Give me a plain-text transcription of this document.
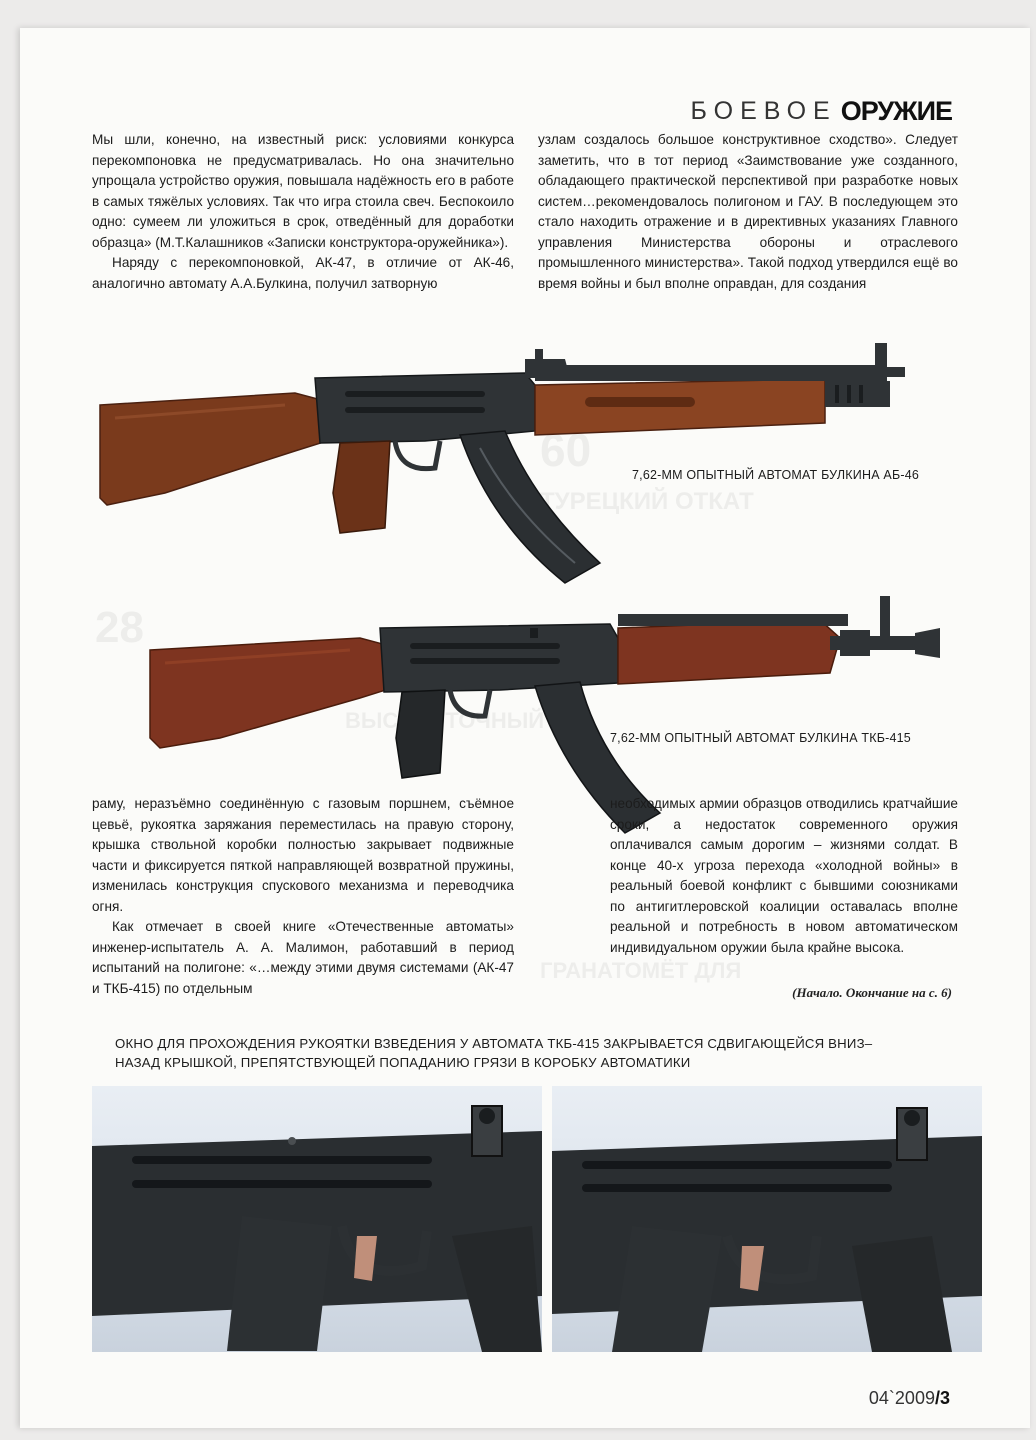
60
ТУРЕЦКИЙ ОТКАТ
28
ВЫСОКОТОЧНЫЙ ВЫ
ГРАНАТОМЁТ ДЛЯ
БОЕВОЕ ОРУЖИЕ

Мы шли, конечно, на известный риск: условиями конкурса перекомпоновка не предусматривалась. Но она значительно упрощала устройство оружия, повышала надёжность его в работе в самых тяжёлых условиях. Так что игра стоила свеч. Беспокоило одно: сумеем ли уложиться в срок, отведённый для доработки образца» (М.Т.Калашников «Записки конструктора-оружейника»).

Наряду с перекомпоновкой, АК-47, в отличие от АК-46, аналогично автомату А.А.Булкина, получил затворную

узлам создалось большое конструктивное сходство». Следует заметить, что в тот период «Заимствование уже созданного, обладающего практической перспективой при разработке новых систем…рекомендовалось полигоном и ГАУ. В последующем это стало находить отражение и в директивных указаниях Главного управления Министерства обороны и отраслевого промышленного министерства». Такой подход утвердился ещё во время войны и был вполне оправдан, для создания

7,62-ММ ОПЫТНЫЙ АВТОМАТ БУЛКИНА АБ-46
7,62-ММ ОПЫТНЫЙ АВТОМАТ БУЛКИНА ТКБ-415

раму, неразъёмно соединённую с газовым поршнем, съёмное цевьё, рукоятка заряжания переместилась на правую сторону, крышка ствольной коробки полностью закрывает подвижные части и фиксируется пяткой направляющей возвратной пружины, изменилась конструкция спускового механизма и переводчика огня.

Как отмечает в своей книге «Отечественные автоматы» инженер-испытатель А. А. Малимон, работавший в период испытаний на полигоне: «…между этими двумя системами (АК-47 и ТКБ-415) по отдельным

необходимых армии образцов отводились кратчайшие сроки, а недостаток современного оружия оплачивался самым дорогим – жизнями солдат. В конце 40-х угроза перехода «холодной войны» в реальный боевой конфликт с бывшими союзниками по антигитлеровской коалиции оставалась вполне реальной и потребность в новом автоматическом индивидуальном оружии была крайне высока.

(Начало. Окончание на с. 6)
ОКНО ДЛЯ ПРОХОЖДЕНИЯ РУКОЯТКИ ВЗВЕДЕНИЯ У АВТОМАТА ТКБ-415 ЗАКРЫВАЕТСЯ СДВИГАЮЩЕЙСЯ ВНИЗ–НАЗАД КРЫШКОЙ, ПРЕПЯТСТВУЮЩЕЙ ПОПАДАНИЮ ГРЯЗИ В КОРОБКУ АВТОМАТИКИ
04`2009/3
